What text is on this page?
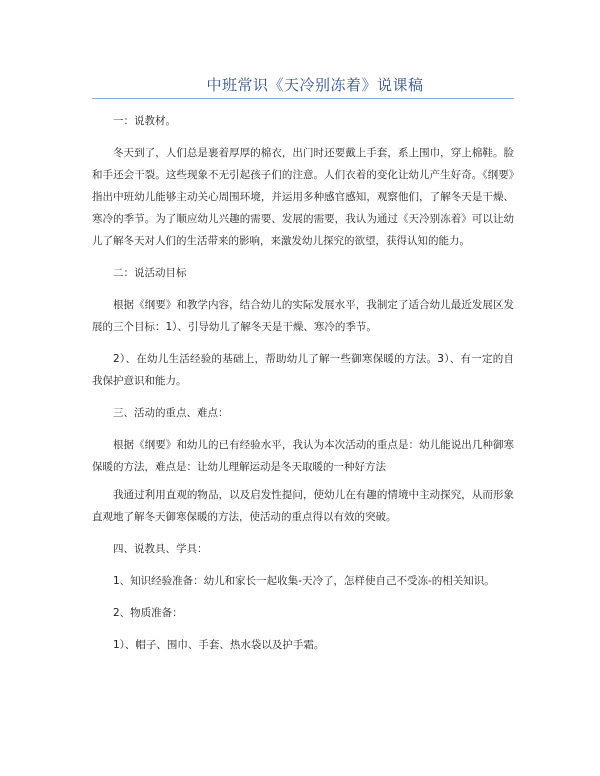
中班常识《天冷别冻着》说课稿

一：说教材。

冬天到了，人们总是裹着厚厚的棉衣，出门时还要戴上手套，系上围巾，穿上棉鞋。脸和手还会干裂。这些现象不无引起孩子们的注意。人们衣着的变化让幼儿产生好奇。《纲要》指出中班幼儿能够主动关心周围环境，并运用多种感官感知，观察他们，了解冬天是干燥、寒冷的季节。为了顺应幼儿兴趣的需要、发展的需要，我认为通过《天冷别冻着》可以让幼儿了解冬天对人们的生活带来的影响，来激发幼儿探究的欲望，获得认知的能力。

二：说活动目标

根据《纲要》和教学内容，结合幼儿的实际发展水平，我制定了适合幼儿最近发展区发展的三个目标：1）、引导幼儿了解冬天是干燥、寒冷的季节。

2）、在幼儿生活经验的基础上，帮助幼儿了解一些御寒保暖的方法。3）、有一定的自我保护意识和能力。

三、活动的重点、难点：

根据《纲要》和幼儿的已有经验水平，我认为本次活动的重点是：幼儿能说出几种御寒保暖的方法，难点是：让幼儿理解运动是冬天取暖的一种好方法

我通过利用直观的物品，以及启发性提问，使幼儿在有趣的情境中主动探究，从而形象直观地了解冬天御寒保暖的方法，使活动的重点得以有效的突破。

四、说教具、学具：

1、知识经验准备：幼儿和家长一起收集-天冷了，怎样使自己不受冻-的相关知识。

2、物质准备：

1）、帽子、围巾、手套、热水袋以及护手霜。
